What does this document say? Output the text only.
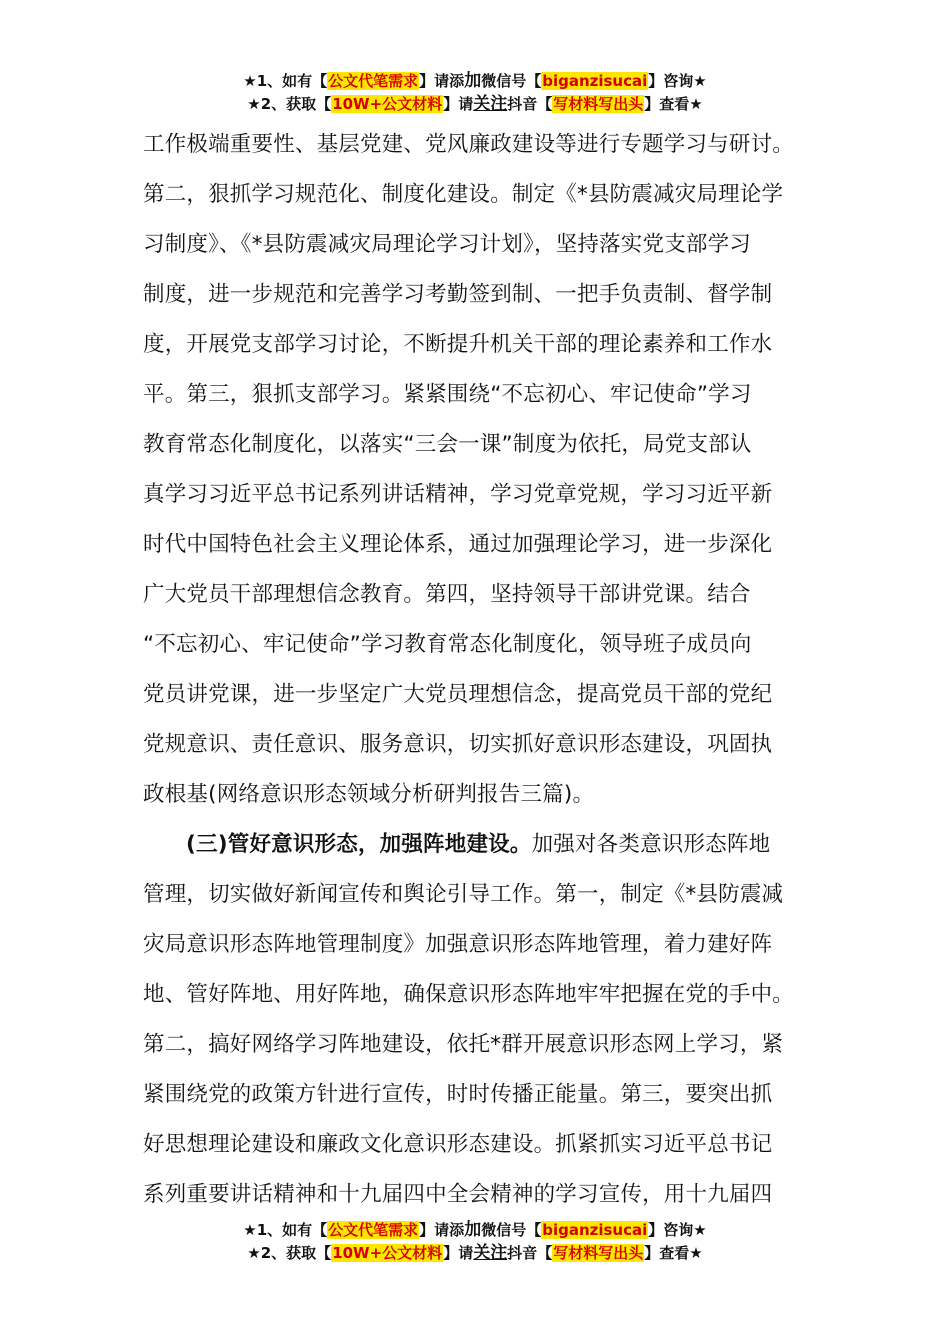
★1、如有【公文代笔需求】请添加微信号【biganzisucai】咨询★
★2、获取【10W+公文材料】请关注抖音【写材料写出头】查看★
工作极端重要性、基层党建、党风廉政建设等进行专题学习与研讨。
第二，狠抓学习规范化、制度化建设。制定《*县防震减灾局理论学
习制度》、《*县防震减灾局理论学习计划》，坚持落实党支部学习
制度，进一步规范和完善学习考勤签到制、一把手负责制、督学制
度，开展党支部学习讨论，不断提升机关干部的理论素养和工作水
平。第三，狠抓支部学习。紧紧围绕“不忘初心、牢记使命”学习
教育常态化制度化，以落实“三会一课”制度为依托，局党支部认
真学习习近平总书记系列讲话精神，学习党章党规，学习习近平新
时代中国特色社会主义理论体系，通过加强理论学习，进一步深化
广大党员干部理想信念教育。第四，坚持领导干部讲党课。结合
“不忘初心、牢记使命”学习教育常态化制度化，领导班子成员向
党员讲党课，进一步坚定广大党员理想信念，提高党员干部的党纪
党规意识、责任意识、服务意识，切实抓好意识形态建设，巩固执
政根基(网络意识形态领域分析研判报告三篇)。
(三)管好意识形态，加强阵地建设。加强对各类意识形态阵地
管理，切实做好新闻宣传和舆论引导工作。第一，制定《*县防震减
灾局意识形态阵地管理制度》加强意识形态阵地管理，着力建好阵
地、管好阵地、用好阵地，确保意识形态阵地牢牢把握在党的手中。
第二，搞好网络学习阵地建设，依托*群开展意识形态网上学习，紧
紧围绕党的政策方针进行宣传，时时传播正能量。第三，要突出抓
好思想理论建设和廉政文化意识形态建设。抓紧抓实习近平总书记
系列重要讲话精神和十九届四中全会精神的学习宣传，用十九届四
★1、如有【公文代笔需求】请添加微信号【biganzisucai】咨询★
★2、获取【10W+公文材料】请关注抖音【写材料写出头】查看★
